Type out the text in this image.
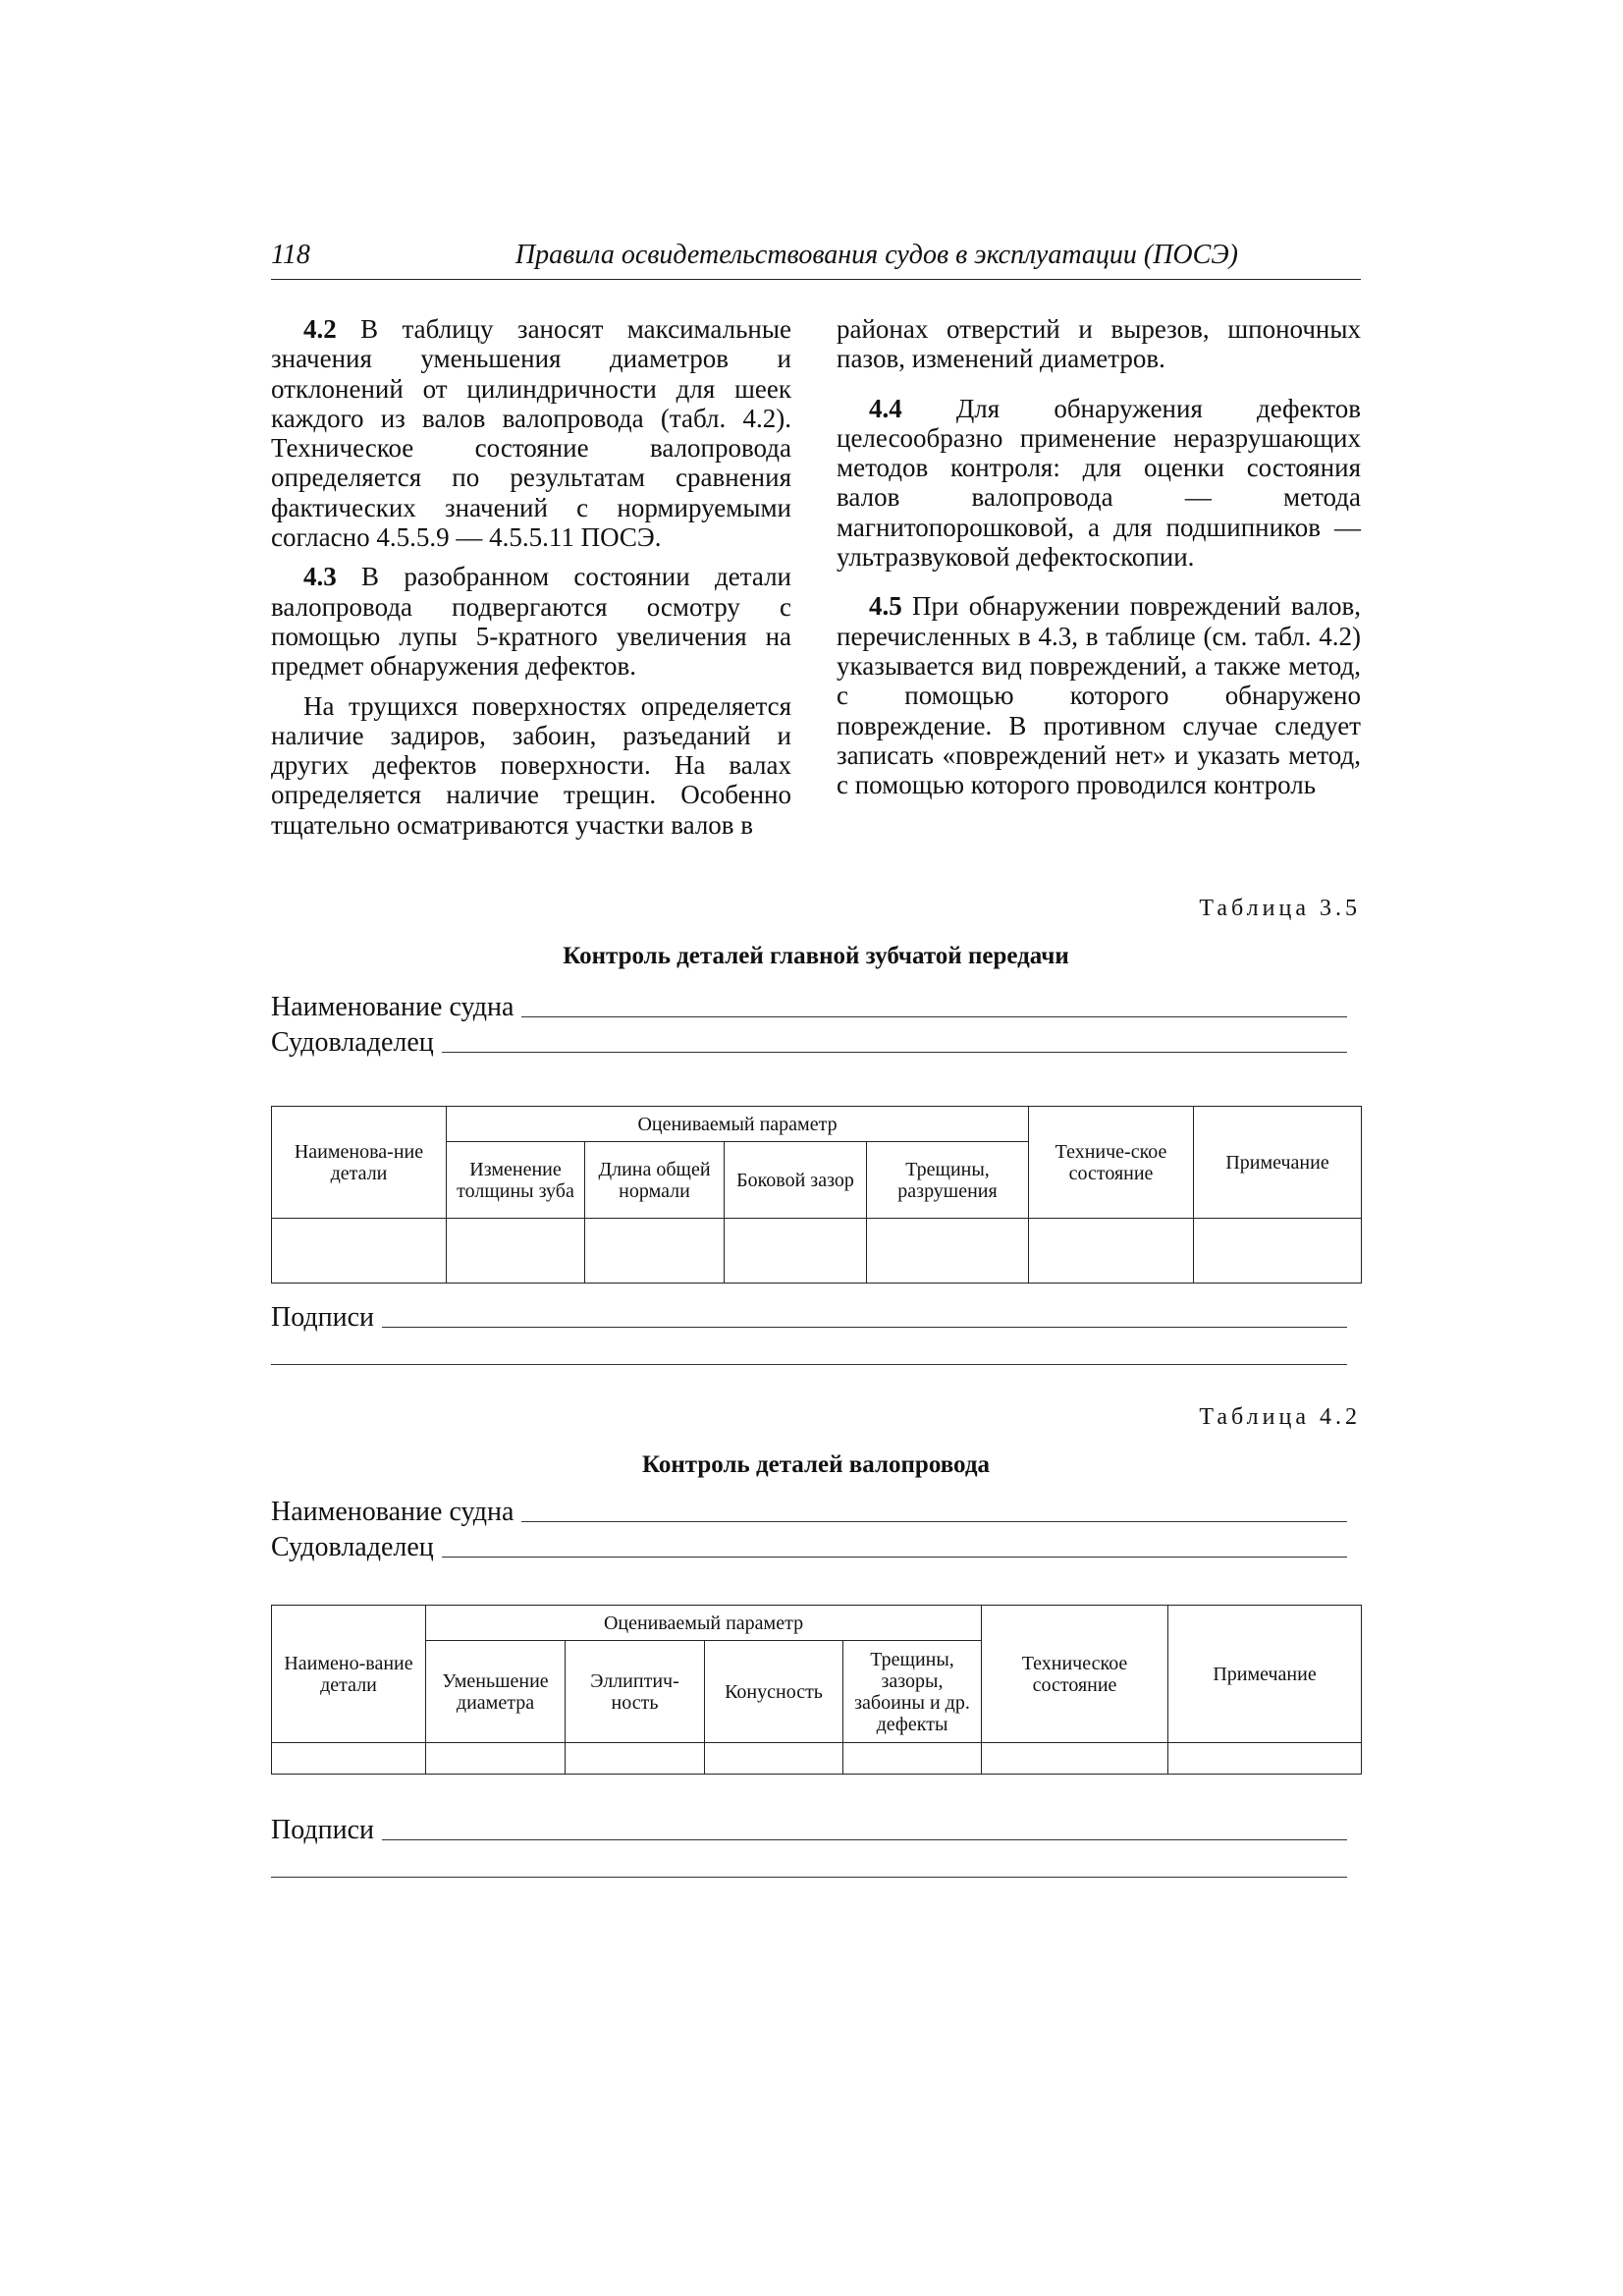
118	Правила освидетельствования судов в эксплуатации (ПОСЭ)

4.2 В таблицу заносят максимальные значения уменьшения диаметров и отклонений от цилиндричности для шеек каждого из валов валопровода (табл. 4.2). Техническое состояние валопровода определяется по результатам сравнения фактических значений с нормируемыми согласно 4.5.5.9 — 4.5.5.11 ПОСЭ.

4.3 В разобранном состоянии детали валопровода подвергаются осмотру с помощью лупы 5-кратного увеличения на предмет обнаружения дефектов.

На трущихся поверхностях определяется наличие задиров, забоин, разъеданий и других дефектов поверхности. На валах определяется наличие трещин. Особенно тщательно осматриваются участки валов в

районах отверстий и вырезов, шпоночных пазов, изменений диаметров.

4.4 Для обнаружения дефектов целесообразно применение неразрушающих методов контроля: для оценки состояния валов валопровода — метода магнитопорошковой, а для подшипников — ультразвуковой дефектоскопии.

4.5 При обнаружении повреждений валов, перечисленных в 4.3, в таблице (см. табл. 4.2) указывается вид повреждений, а также метод, с помощью которого обнаружено повреждение. В противном случае следует записать «повреждений нет» и указать метод, с помощью которого проводился контроль

Таблица 3.5
Контроль деталей главной зубчатой передачи
Наименование судна
Судовладелец
Наименова-ние детали	Оцениваемый параметр				Техниче-ское состояние	Примечание
	Изменение толщины зуба	Длина общей нормали	Боковой зазор	Трещины, разрушения		

Подписи
Таблица 4.2
Контроль деталей валопровода
Наименование судна
Судовладелец
Наимено-вание детали	Оцениваемый параметр				Техническое состояние	Примечание
	Уменьшение диаметра	Эллиптич-ность	Конусность	Трещины, зазоры, забоины и др. дефекты		

Подписи
